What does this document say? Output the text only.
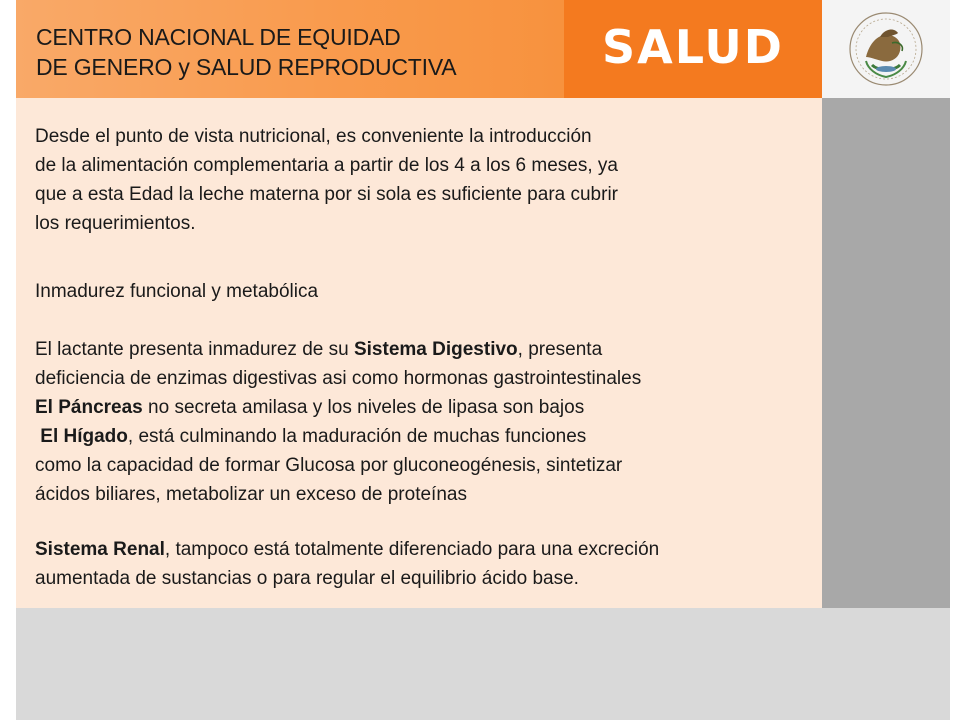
CENTRO NACIONAL DE EQUIDAD
DE GENERO y SALUD REPRODUCTIVA	SALUD
Desde el punto de vista nutricional, es conveniente la introducción
de la alimentación complementaria a partir de los 4 a los 6 meses, ya
que a esta Edad la leche materna por si sola es suficiente para cubrir
los requerimientos.
Inmadurez funcional y metabólica
El lactante presenta inmadurez de su Sistema Digestivo, presenta
deficiencia de enzimas digestivas asi como hormonas gastrointestinales
El Páncreas no secreta amilasa y los niveles de lipasa son bajos
El Hígado, está culminando la maduración de muchas funciones
como la capacidad de formar Glucosa por gluconeogénesis, sintetizar
ácidos biliares, metabolizar un exceso de proteínas
Sistema Renal, tampoco está totalmente diferenciado para una excreción
aumentada de sustancias o para regular el equilibrio ácido base.
